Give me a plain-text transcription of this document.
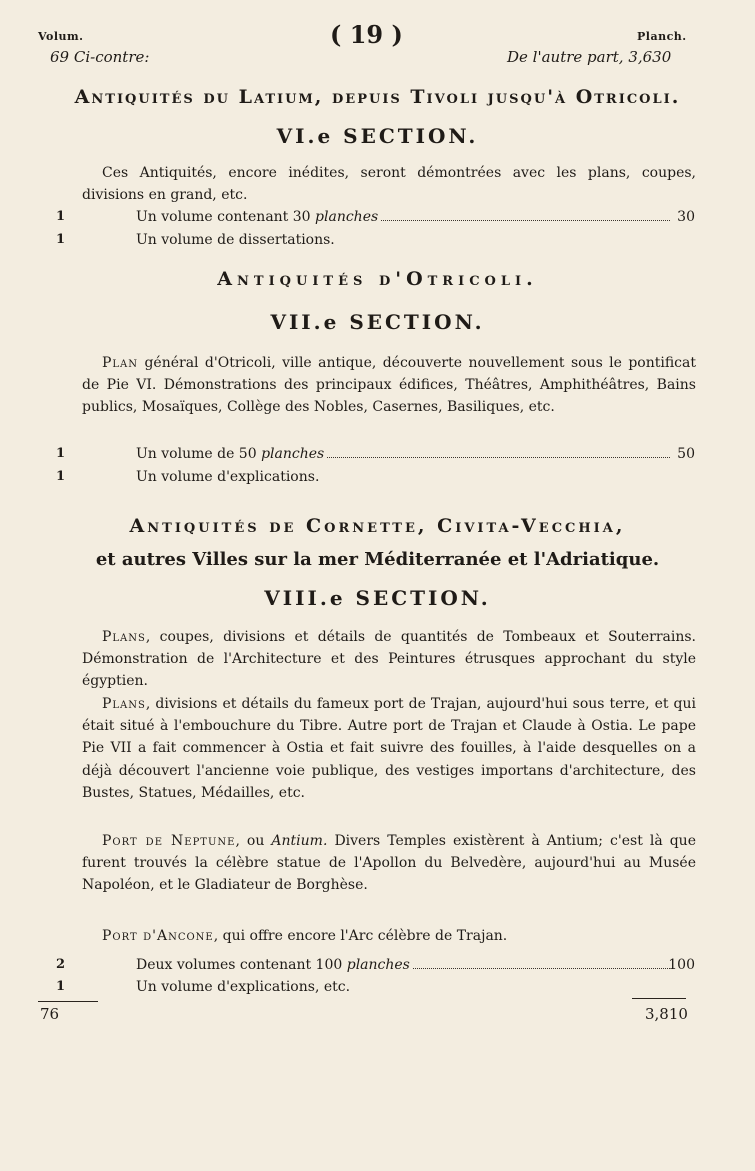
Volum.
69 Ci-contre:
( 19 )	Planch.
De l'autre part, 3,630
Antiquités du Latium, depuis Tivoli jusqu'à Otricoli.
VI.e SECTION.
Ces Antiquités, encore inédites, seront démontrées avec les plans, coupes, divisions en grand, etc.
1	Un volume contenant 30 planches	30
1	Un volume de dissertations.
Antiquités d'Otricoli.
VII.e SECTION.
Plan général d'Otricoli, ville antique, découverte nouvellement sous le pontificat de Pie VI. Démonstrations des principaux édifices, Théâtres, Amphithéâtres, Bains publics, Mosaïques, Collège des Nobles, Casernes, Basiliques, etc.
1	Un volume de 50 planches	50
1	Un volume d'explications.
Antiquités de Cornette, Civita-Vecchia,
et autres Villes sur la mer Méditerranée et l'Adriatique.
VIII.e SECTION.
Plans, coupes, divisions et détails de quantités de Tombeaux et Souterrains. Démonstration de l'Architecture et des Peintures étrusques approchant du style égyptien.
Plans, divisions et détails du fameux port de Trajan, aujourd'hui sous terre, et qui était situé à l'embouchure du Tibre. Autre port de Trajan et Claude à Ostia. Le pape Pie VII a fait commencer à Ostia et fait suivre des fouilles, à l'aide desquelles on a déjà découvert l'ancienne voie publique, des vestiges importans d'architecture, des Bustes, Statues, Médailles, etc.
Port de Neptune, ou Antium. Divers Temples existèrent à Antium; c'est là que furent trouvés la célèbre statue de l'Apollon du Belvedère, aujourd'hui au Musée Napoléon, et le Gladiateur de Borghèse.
Port d'Ancone, qui offre encore l'Arc célèbre de Trajan.
2	Deux volumes contenant 100 planches	100
1	Un volume d'explications, etc.
76	3,810
